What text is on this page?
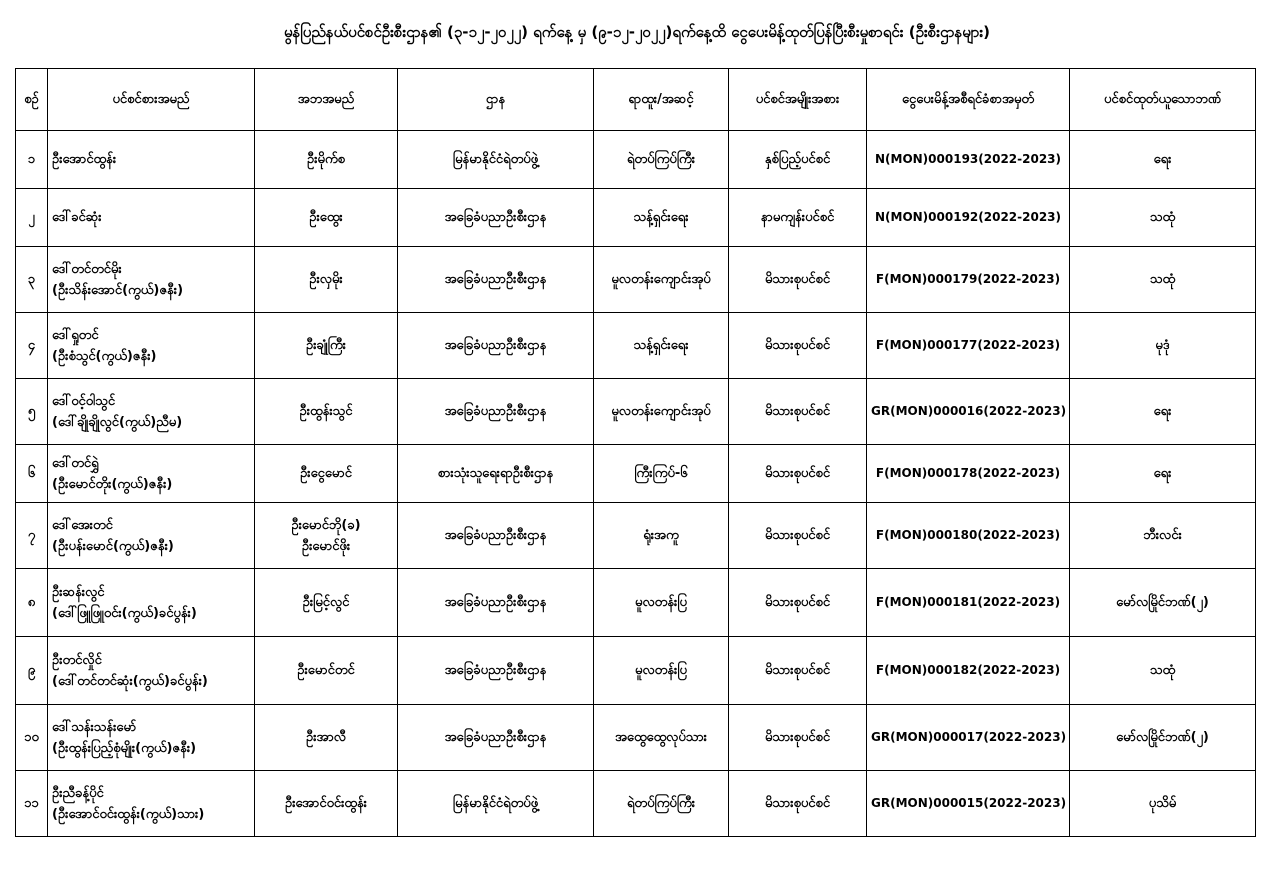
မွန်ပြည်နယ်ပင်စင်ဦးစီးဌာန၏ (၃-၁၂-၂၀၂၂) ရက်နေ့ မှ (၉-၁၂-၂၀၂၂)ရက်နေ့ထိ ငွေပေးမိန့်ထုတ်ပြန်ပြီးစီးမှုစာရင်း (ဦးစီးဌာနများ)
စဉ်	ပင်စင်စားအမည်	အဘအမည်	ဌာန	ရာထူး/အဆင့်	ပင်စင်အမျိုးအစား	ငွေပေးမိန့်အစီရင်ခံစာအမှတ်	ပင်စင်ထုတ်ယူသောဘဏ်

၁	ဦးအောင်ထွန်း	ဦးမိုက်စ	မြန်မာနိုင်ငံရဲတပ်ဖွဲ့	ရဲတပ်ကြပ်ကြီး	နှစ်ပြည့်ပင်စင်	N(MON)000193(2022-2023)	ရေး

၂	ဒေါ်ခင်ဆုံး	ဦးထွေး	အခြေခံပညာဦးစီးဌာန	သန့်ရှင်းရေး	နာမကျန်းပင်စင်	N(MON)000192(2022-2023)	သထုံ

၃	ဒေါ်တင်တင်မိုး
(ဦးသိန်းအောင်(ကွယ်)ဇနီး)	ဦးလှမိုး	အခြေခံပညာဦးစီးဌာန	မူလတန်းကျောင်းအုပ်	မိသားစုပင်စင်	F(MON)000179(2022-2023)	သထုံ

၄	ဒေါ်ရှုတင်
(ဦးစံသွင်(ကွယ်)ဇနီး)	ဦးချုံကြီး	အခြေခံပညာဦးစီးဌာန	သန့်ရှင်းရေး	မိသားစုပင်စင်	F(MON)000177(2022-2023)	မုဒုံ

၅	ဒေါ်ဝင့်ဝါသွင်
(ဒေါ်ချိုချိုလွင်(ကွယ်)ညီမ)	ဦးထွန်းသွင်	အခြေခံပညာဦးစီးဌာန	မူလတန်းကျောင်းအုပ်	မိသားစုပင်စင်	GR(MON)000016(2022-2023)	ရေး

၆	ဒေါ်တင်ရွှဲ
(ဦးမောင်တိုး(ကွယ်)ဇနီး)	ဦးငွေမောင်	စားသုံးသူရေးရာဦးစီးဌာန	ကြီးကြပ်-၆	မိသားစုပင်စင်	F(MON)000178(2022-2023)	ရေး

၇	ဒေါ်အေးတင်
(ဦးပန်းမောင်(ကွယ်)ဇနီး)	ဦးမောင်ဘို(ခ)
ဦးမောင်ဖိုး	အခြေခံပညာဦးစီးဌာန	ရုံးအကူ	မိသားစုပင်စင်	F(MON)000180(2022-2023)	ဘီးလင်း

၈	ဦးဆန်းလွင်
(ဒေါ်ဖြူဖြူဝင်း(ကွယ်)ခင်ပွန်း)	ဦးမြင့်လွင်	အခြေခံပညာဦးစီးဌာန	မူလတန်းပြ	မိသားစုပင်စင်	F(MON)000181(2022-2023)	မော်လမြိုင်ဘဏ်(၂)

၉	ဦးတင်လှိုင်
(ဒေါ်တင်တင်ဆုံး(ကွယ်)ခင်ပွန်း)	ဦးမောင်တင်	အခြေခံပညာဦးစီးဌာန	မူလတန်းပြ	မိသားစုပင်စင်	F(MON)000182(2022-2023)	သထုံ

၁၀	ဒေါ်သန်းသန်းမော်
(ဦးထွန်းပြည့်စုံမျိုး(ကွယ်)ဇနီး)	ဦးအာလီ	အခြေခံပညာဦးစီးဌာန	အထွေထွေလုပ်သား	မိသားစုပင်စင်	GR(MON)000017(2022-2023)	မော်လမြိုင်ဘဏ်(၂)

၁၁	ဦးညီခန့်ပိုင်
(ဦးအောင်ဝင်းထွန်း(ကွယ်)သား)	ဦးအောင်ဝင်းထွန်း	မြန်မာနိုင်ငံရဲတပ်ဖွဲ့	ရဲတပ်ကြပ်ကြီး	မိသားစုပင်စင်	GR(MON)000015(2022-2023)	ပုသိမ်
